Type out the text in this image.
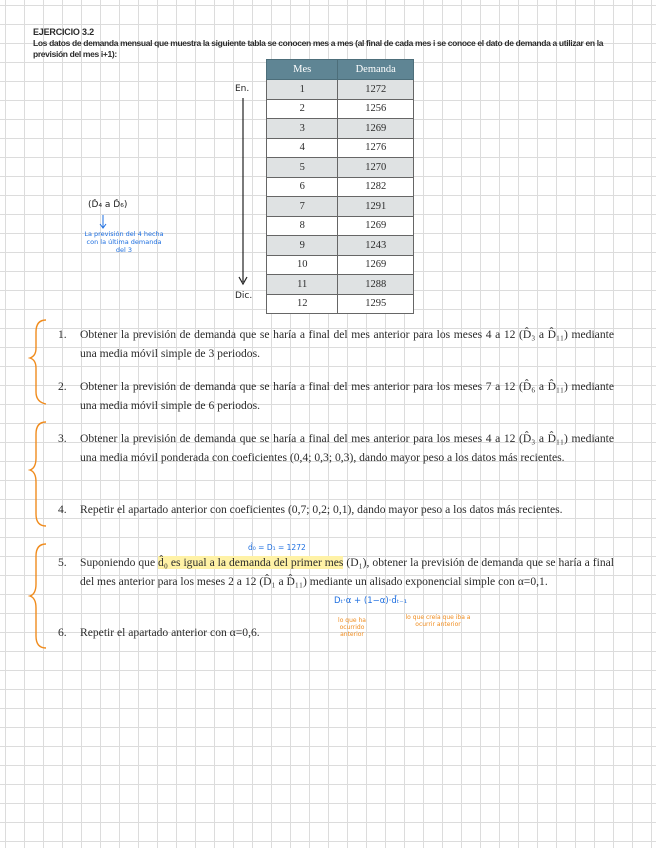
EJERCICIO 3.2
Los datos de demanda mensual que muestra la siguiente tabla se conocen mes a mes (al final de cada mes i se conoce el dato de demanda a utilizar en la previsión del mes i+1):
Mes	Demanda
1	1272
2	1256
3	1269
4	1276
5	1270
6	1282
7	1291
8	1269
9	1243
10	1269
11	1288
12	1295
En.
Dic.
(D̂₄ a D̂₆)
La previsión del 4 hecha con la última demanda del 3
d̂₀ = D₁ = 1272
Dₜ·α + (1−α)·d̂ₜ₋₁
lo que ha ocurrido anterior
lo que creía que iba a ocurrir anterior
1.	Obtener la previsión de demanda que se haría a final del mes anterior para los meses 4 a 12 (D̂₃ a D̂₁₁) mediante una media móvil simple de 3 periodos.
2.	Obtener la previsión de demanda que se haría a final del mes anterior para los meses 7 a 12 (D̂₆ a D̂₁₁) mediante una media móvil simple de 6 periodos.
3.	Obtener la previsión de demanda que se haría a final del mes anterior para los meses 4 a 12 (D̂₃ a D̂₁₁) mediante una media móvil ponderada con coeficientes (0,4; 0,3; 0,3), dando mayor peso a los datos más recientes.
4.	Repetir el apartado anterior con coeficientes (0,7; 0,2; 0,1), dando mayor peso a los datos más recientes.
5.	Suponiendo que d̂₀ es igual a la demanda del primer mes (D₁), obtener la previsión de demanda que se haría a final del mes anterior para los meses 2 a 12 (D̂₁ a D̂₁₁) mediante un alisado exponencial simple con α=0,1.
6.	Repetir el apartado anterior con α=0,6.
